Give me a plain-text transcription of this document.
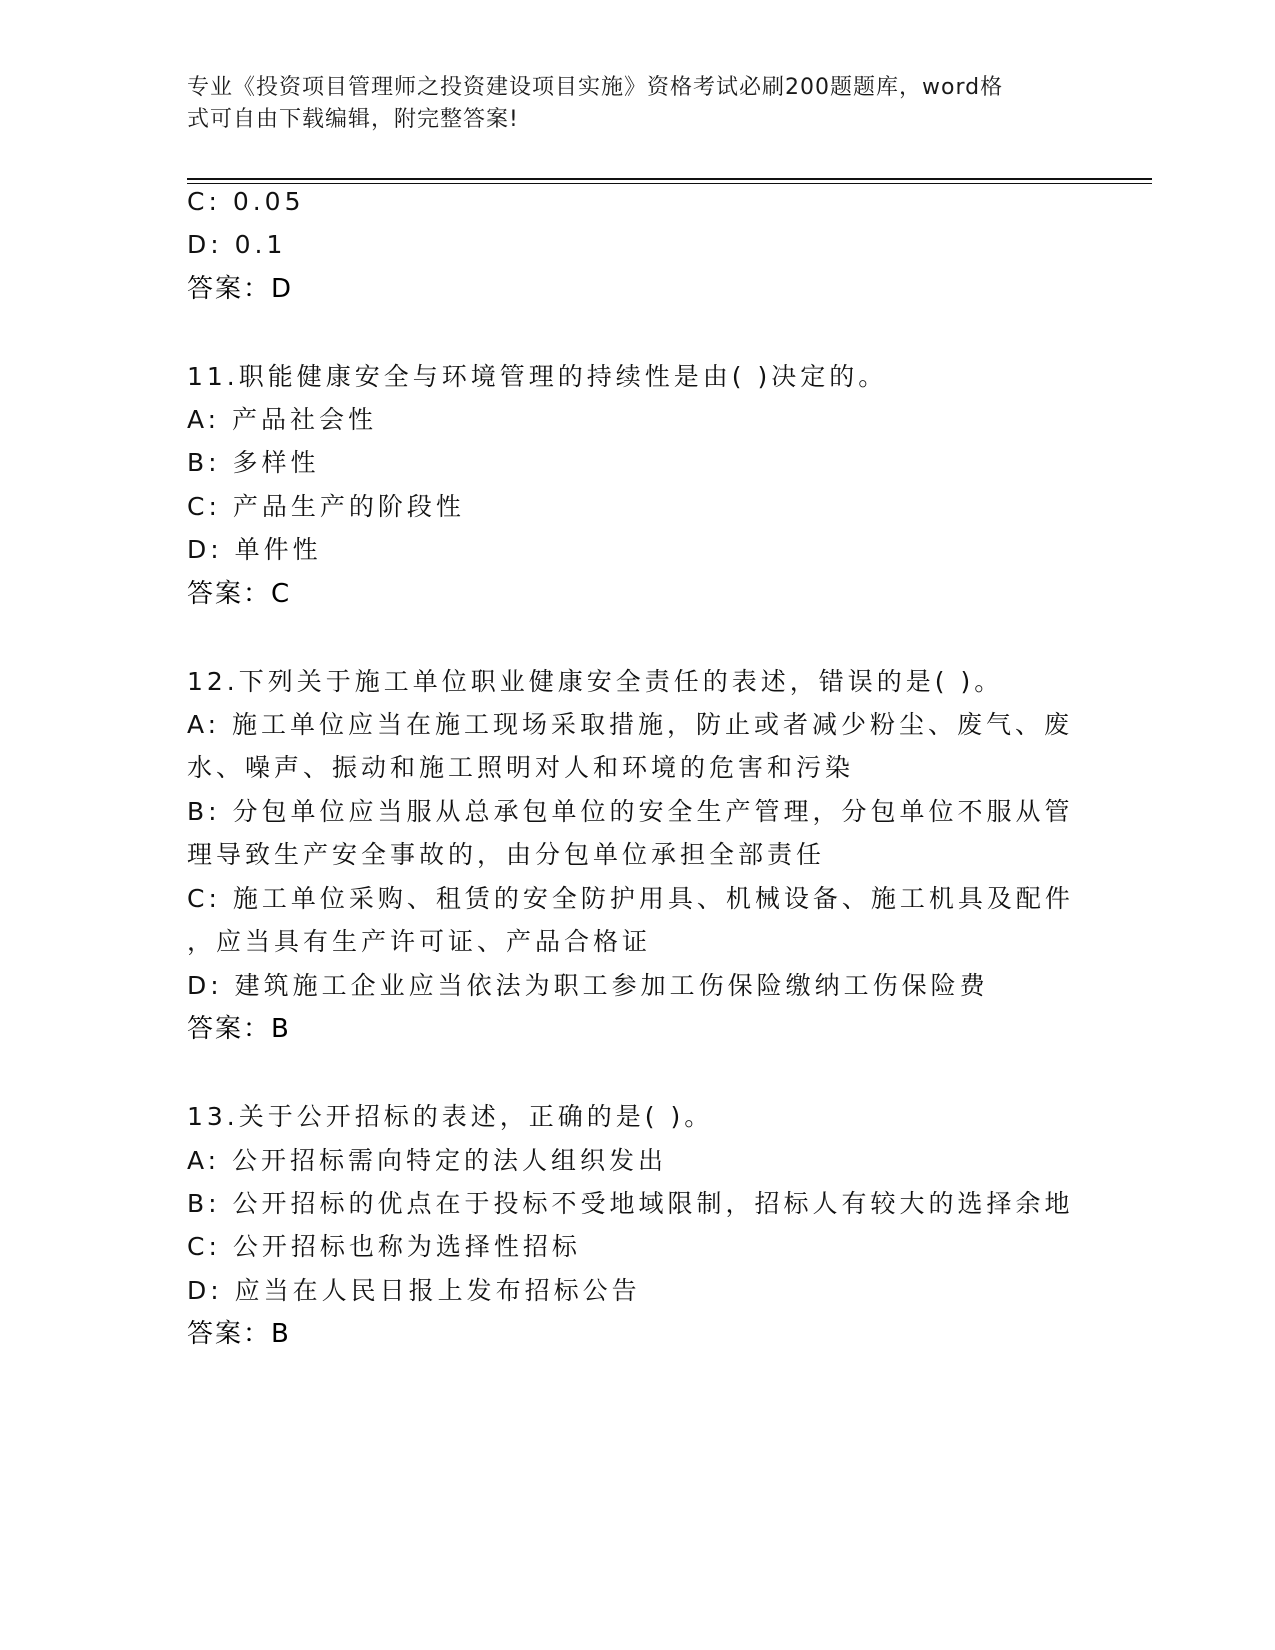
专业《投资项目管理师之投资建设项目实施》资格考试必刷200题题库，word格
式可自由下载编辑，附完整答案!
C: 0.05
D: 0.1
答案：D
11.职能健康安全与环境管理的持续性是由( )决定的。
A: 产品社会性
B: 多样性
C: 产品生产的阶段性
D: 单件性
答案：C
12.下列关于施工单位职业健康安全责任的表述，错误的是( )。
A: 施工单位应当在施工现场采取措施，防止或者减少粉尘、废气、废
水、噪声、振动和施工照明对人和环境的危害和污染
B: 分包单位应当服从总承包单位的安全生产管理，分包单位不服从管
理导致生产安全事故的，由分包单位承担全部责任
C: 施工单位采购、租赁的安全防护用具、机械设备、施工机具及配件
，应当具有生产许可证、产品合格证
D: 建筑施工企业应当依法为职工参加工伤保险缴纳工伤保险费
答案：B
13.关于公开招标的表述，正确的是( )。
A: 公开招标需向特定的法人组织发出
B: 公开招标的优点在于投标不受地域限制，招标人有较大的选择余地
C: 公开招标也称为选择性招标
D: 应当在人民日报上发布招标公告
答案：B
